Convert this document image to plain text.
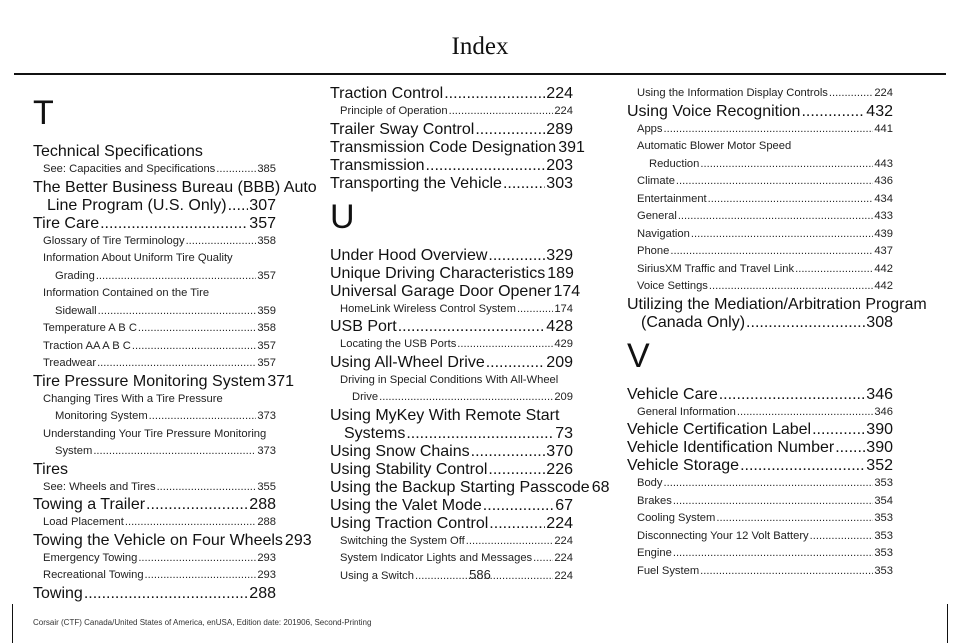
Index
T
Technical Specifications
See: Capacities and Specifications .....	385
The Better Business Bureau (BBB) Auto
Line Program (U.S. Only) ..... 307
Tire Care .....	357
Glossary of Tire Terminology .....	358
Information About Uniform Tire Quality
Grading .....	357
Information Contained on the Tire
Sidewall .....	359
Temperature A B C .....	358
Traction AA A B C .....	357
Treadwear .....	357
Tire Pressure Monitoring System 371
Changing Tires With a Tire Pressure
Monitoring System .....	373
Understanding Your Tire Pressure Monitoring
System .....	373
Tires
See: Wheels and Tires .....	355
Towing a Trailer .....	288
Load Placement .....	288
Towing the Vehicle on Four Wheels 293
Emergency Towing .....	293
Recreational Towing .....	293
Towing .....	288
Traction Control .....	224
Principle of Operation .....	224
Trailer Sway Control .....	289
Transmission Code Designation 391
Transmission .....	203
Transporting the Vehicle .....	303
U
Under Hood Overview .....	329
Unique Driving Characteristics 189
Universal Garage Door Opener 174
HomeLink Wireless Control System .....	174
USB Port .....	428
Locating the USB Ports .....	429
Using All-Wheel Drive .....	209
Driving in Special Conditions With All-Wheel
Drive .....	209
Using MyKey With Remote Start
Systems .....	73
Using Snow Chains .....	370
Using Stability Control .....	226
Using the Backup Starting Passcode 68
Using the Valet Mode .....	67
Using Traction Control .....	224
Switching the System Off .....	224
System Indicator Lights and Messages ..... 224
Using a Switch .....	224
Using the Information Display Controls .....	224
Using Voice Recognition .....	432
Apps .....	441
Automatic Blower Motor Speed
Reduction .....	443
Climate .....	436
Entertainment .....	434
General .....	433
Navigation .....	439
Phone .....	437
SiriusXM Traffic and Travel Link .....	442
Voice Settings .....	442
Utilizing the Mediation/Arbitration Program
(Canada Only) .....	308
V
Vehicle Care .....	346
General Information .....	346
Vehicle Certification Label .....	390
Vehicle Identification Number ..... 390
Vehicle Storage .....	352
Body .....	353
Brakes .....	354
Cooling System .....	353
Disconnecting Your 12 Volt Battery .....	353
Engine .....	353
Fuel System .....	353
586
Corsair (CTF) Canada/United States of America, enUSA, Edition date: 201906, Second-Printing
